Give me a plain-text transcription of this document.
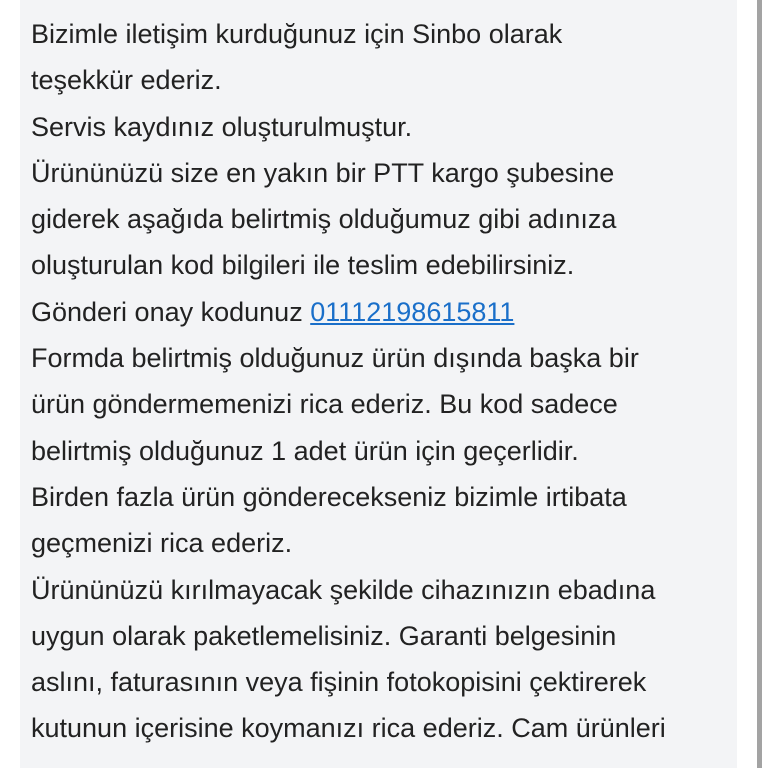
Bizimle iletişim kurduğunuz için Sinbo olarak
teşekkür ederiz.
Servis kaydınız oluşturulmuştur.
Ürününüzü size en yakın bir PTT kargo şubesine
giderek aşağıda belirtmiş olduğumuz gibi adınıza
oluşturulan kod bilgileri ile teslim edebilirsiniz.
Gönderi onay kodunuz 01112198615811
Formda belirtmiş olduğunuz ürün dışında başka bir
ürün göndermemenizi rica ederiz. Bu kod sadece
belirtmiş olduğunuz 1 adet ürün için geçerlidir.
Birden fazla ürün gönderecekseniz bizimle irtibata
geçmenizi rica ederiz.
Ürününüzü kırılmayacak şekilde cihazınızın ebadına
uygun olarak paketlemelisiniz. Garanti belgesinin
aslını, faturasının veya fişinin fotokopisini çektirerek
kutunun içerisine koymanızı rica ederiz. Cam ürünleri
